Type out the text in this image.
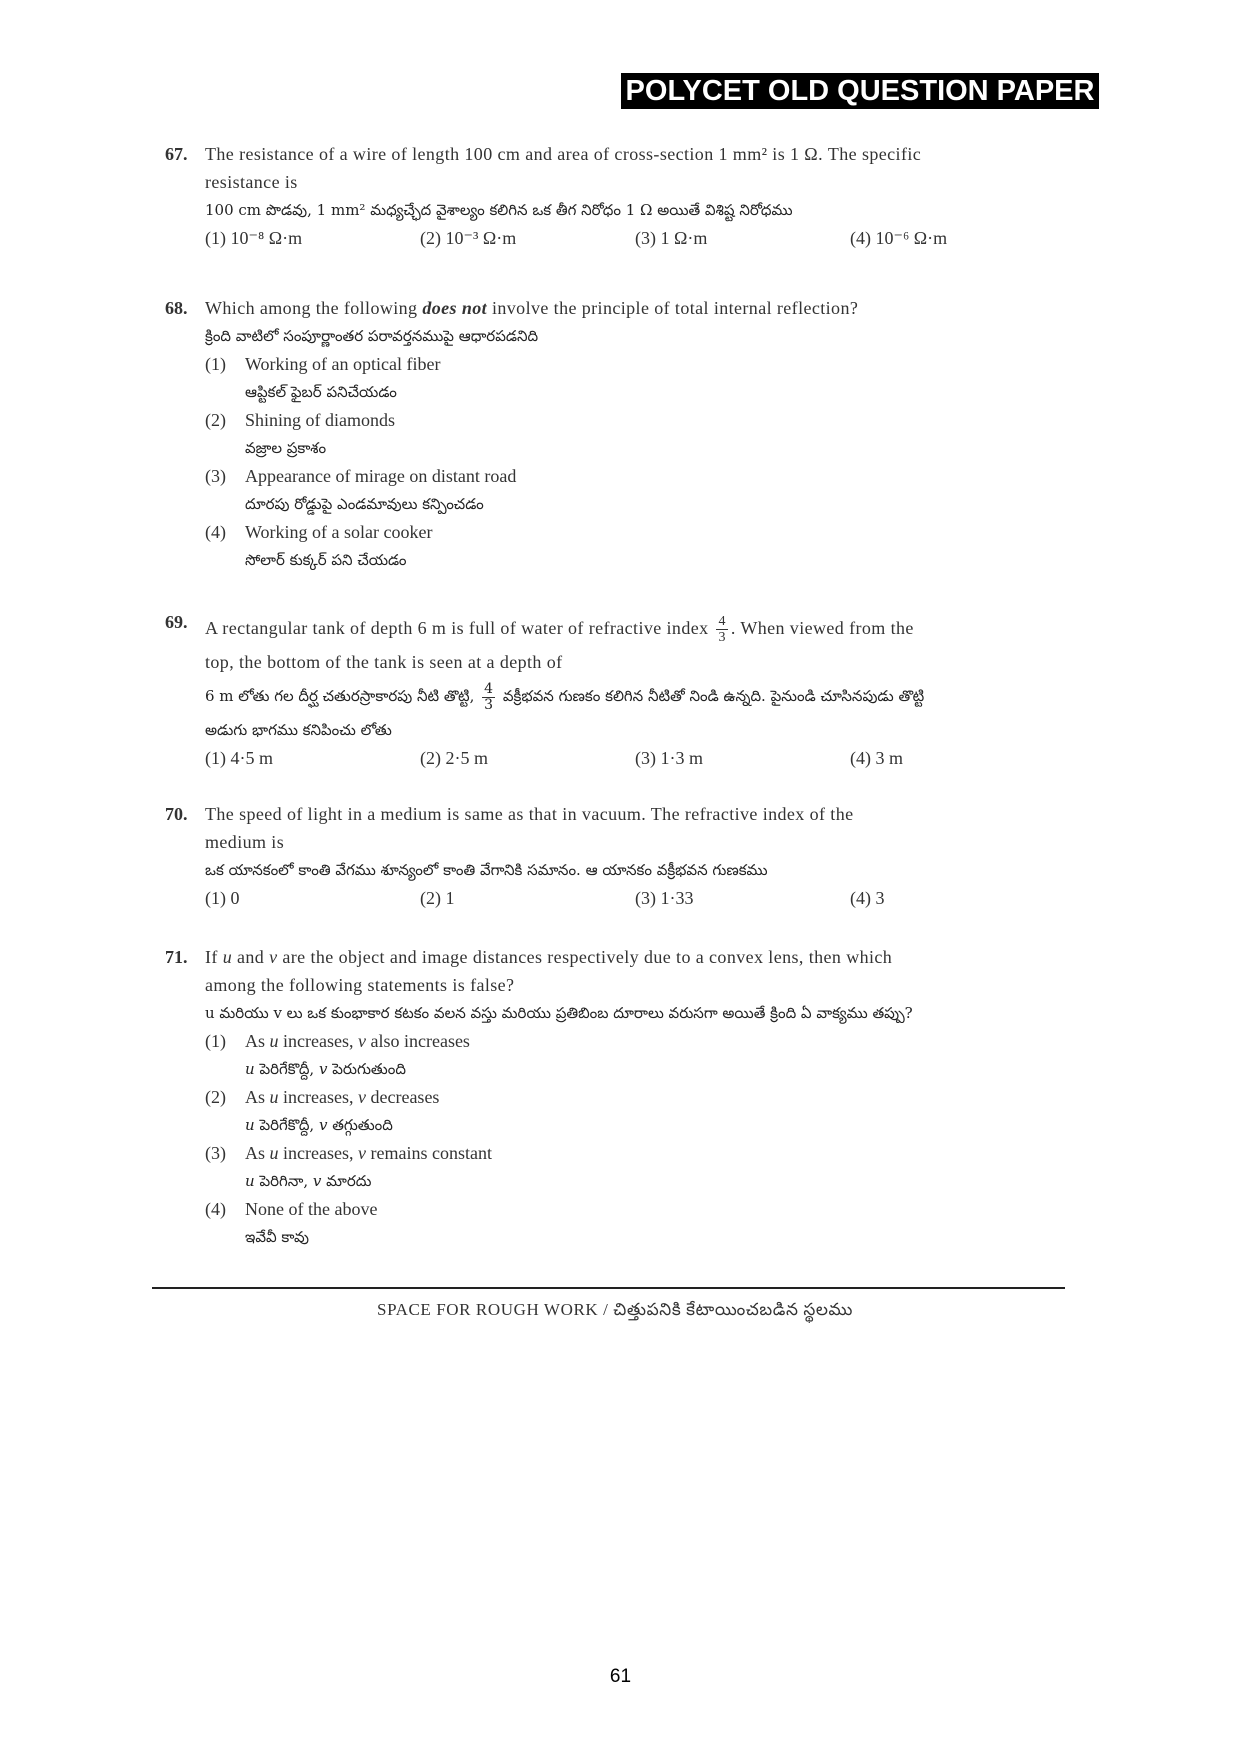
POLYCET OLD QUESTION PAPER
67. The resistance of a wire of length 100 cm and area of cross-section 1 mm² is 1 Ω. The specific
resistance is
100 cm పొడవు, 1 mm² మధ్యచ్ఛేద వైశాల్యం కలిగిన ఒక తీగ నిరోధం 1 Ω అయితే విశిష్ట నిరోధము
(1) 10⁻⁸ Ω·m	(2) 10⁻³ Ω·m	(3) 1 Ω·m	(4) 10⁻⁶ Ω·m
68. Which among the following does not involve the principle of total internal reflection?
క్రింది వాటిలో సంపూర్ణాంతర పరావర్తనముపై ఆధారపడనిది
(1) Working of an optical fiber
ఆప్టికల్ ఫైబర్ పనిచేయడం
(2) Shining of diamonds
వజ్రాల ప్రకాశం
(3) Appearance of mirage on distant road
దూరపు రోడ్డుపై ఎండమావులు కన్పించడం
(4) Working of a solar cooker
సోలార్ కుక్కర్ పని చేయడం
69. A rectangular tank of depth 6 m is full of water of refractive index $\frac{4}{3}$ . When viewed from the
top, the bottom of the tank is seen at a depth of
6 m లోతు గల దీర్ఘ చతురస్రాకారపు నీటి తొట్టి, $\frac{4}{3}$ వక్రీభవన గుణకం కలిగిన నీటితో నిండి ఉన్నది. పైనుండి చూసినపుడు తొట్టి
అడుగు భాగము కనిపించు లోతు
(1) 4·5 m	(2) 2·5 m	(3) 1·3 m	(4) 3 m
70. The speed of light in a medium is same as that in vacuum. The refractive index of the
medium is
ఒక యానకంలో కాంతి వేగము శూన్యంలో కాంతి వేగానికి సమానం. ఆ యానకం వక్రీభవన గుణకము
(1) 0	(2) 1	(3) 1·33	(4) 3
71. If u and v are the object and image distances respectively due to a convex lens, then which
among the following statements is false?
u మరియు v లు ఒక కుంభాకార కటకం వలన వస్తు మరియు ప్రతిబింబ దూరాలు వరుసగా అయితే క్రింది ఏ వాక్యము తప్పు?
(1) As u increases, v also increases
u పెరిగేకొద్దీ, v పెరుగుతుంది
(2) As u increases, v decreases
u పెరిగేకొద్దీ, v తగ్గుతుంది
(3) As u increases, v remains constant
u పెరిగినా, v మారదు
(4) None of the above
ఇవేవీ కావు
SPACE FOR ROUGH WORK / చిత్తుపనికి కేటాయించబడిన స్థలము
61
